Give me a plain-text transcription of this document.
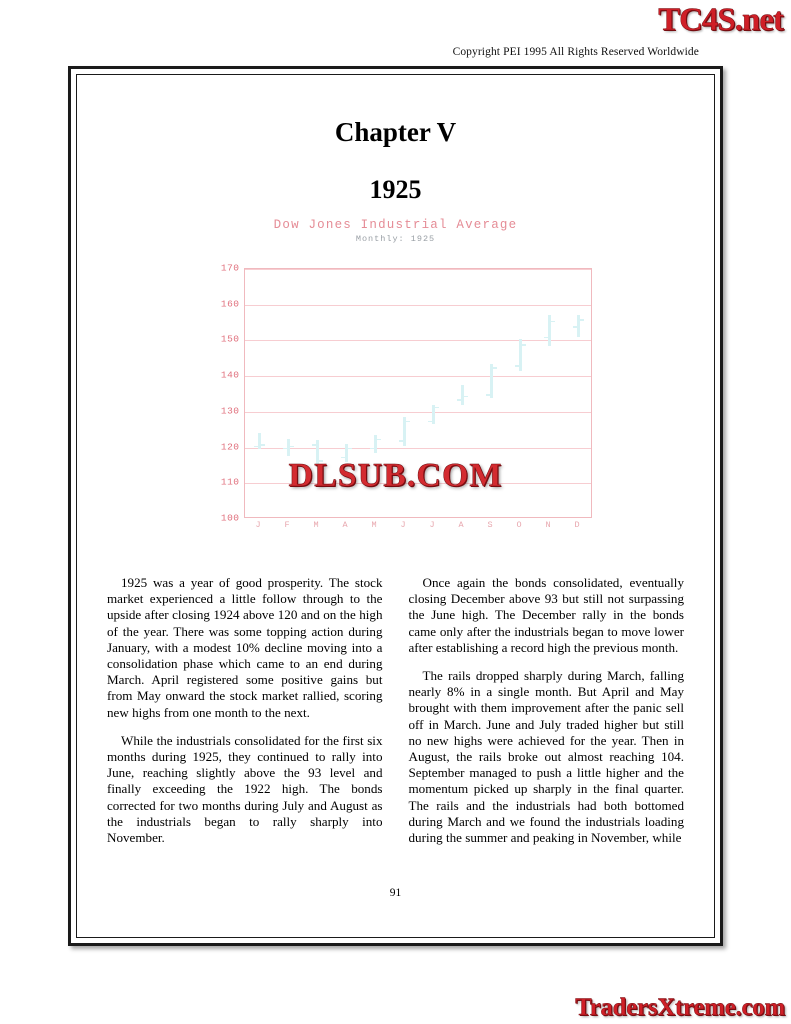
TC4S.net
Copyright PEI 1995 All Rights Reserved Worldwide
Chapter V
1925
Dow Jones Industrial Average
Monthly: 1925
J	F	M	A	M	J	J	A	S	O	N	D
100
110
120
130
140
150
160
170
DLSUB.COM

1925 was a year of good prosperity. The stock market experienced a little follow through to the upside after closing 1924 above 120 and on the high of the year. There was some topping action during January, with a modest 10% decline moving into a consolidation phase which came to an end during March. April registered some positive gains but from May onward the stock market rallied, scoring new highs from one month to the next.

While the industrials consolidated for the first six months during 1925, they continued to rally into June, reaching slightly above the 93 level and finally exceeding the 1922 high. The bonds corrected for two months during July and August as the industrials began to rally sharply into November.

Once again the bonds consolidated, eventually closing December above 93 but still not surpassing the June high. The December rally in the bonds came only after the industrials began to move lower after establishing a record high the previous month.

The rails dropped sharply during March, falling nearly 8% in a single month. But April and May brought with them improvement after the panic sell off in March. June and July traded higher but still no new highs were achieved for the year. Then in August, the rails broke out almost reaching 104. September managed to push a little higher and the momentum picked up sharply in the final quarter. The rails and the industrials had both bottomed during March and we found the industrials loading during the summer and peaking in November, while

91
TradersXtreme.com
